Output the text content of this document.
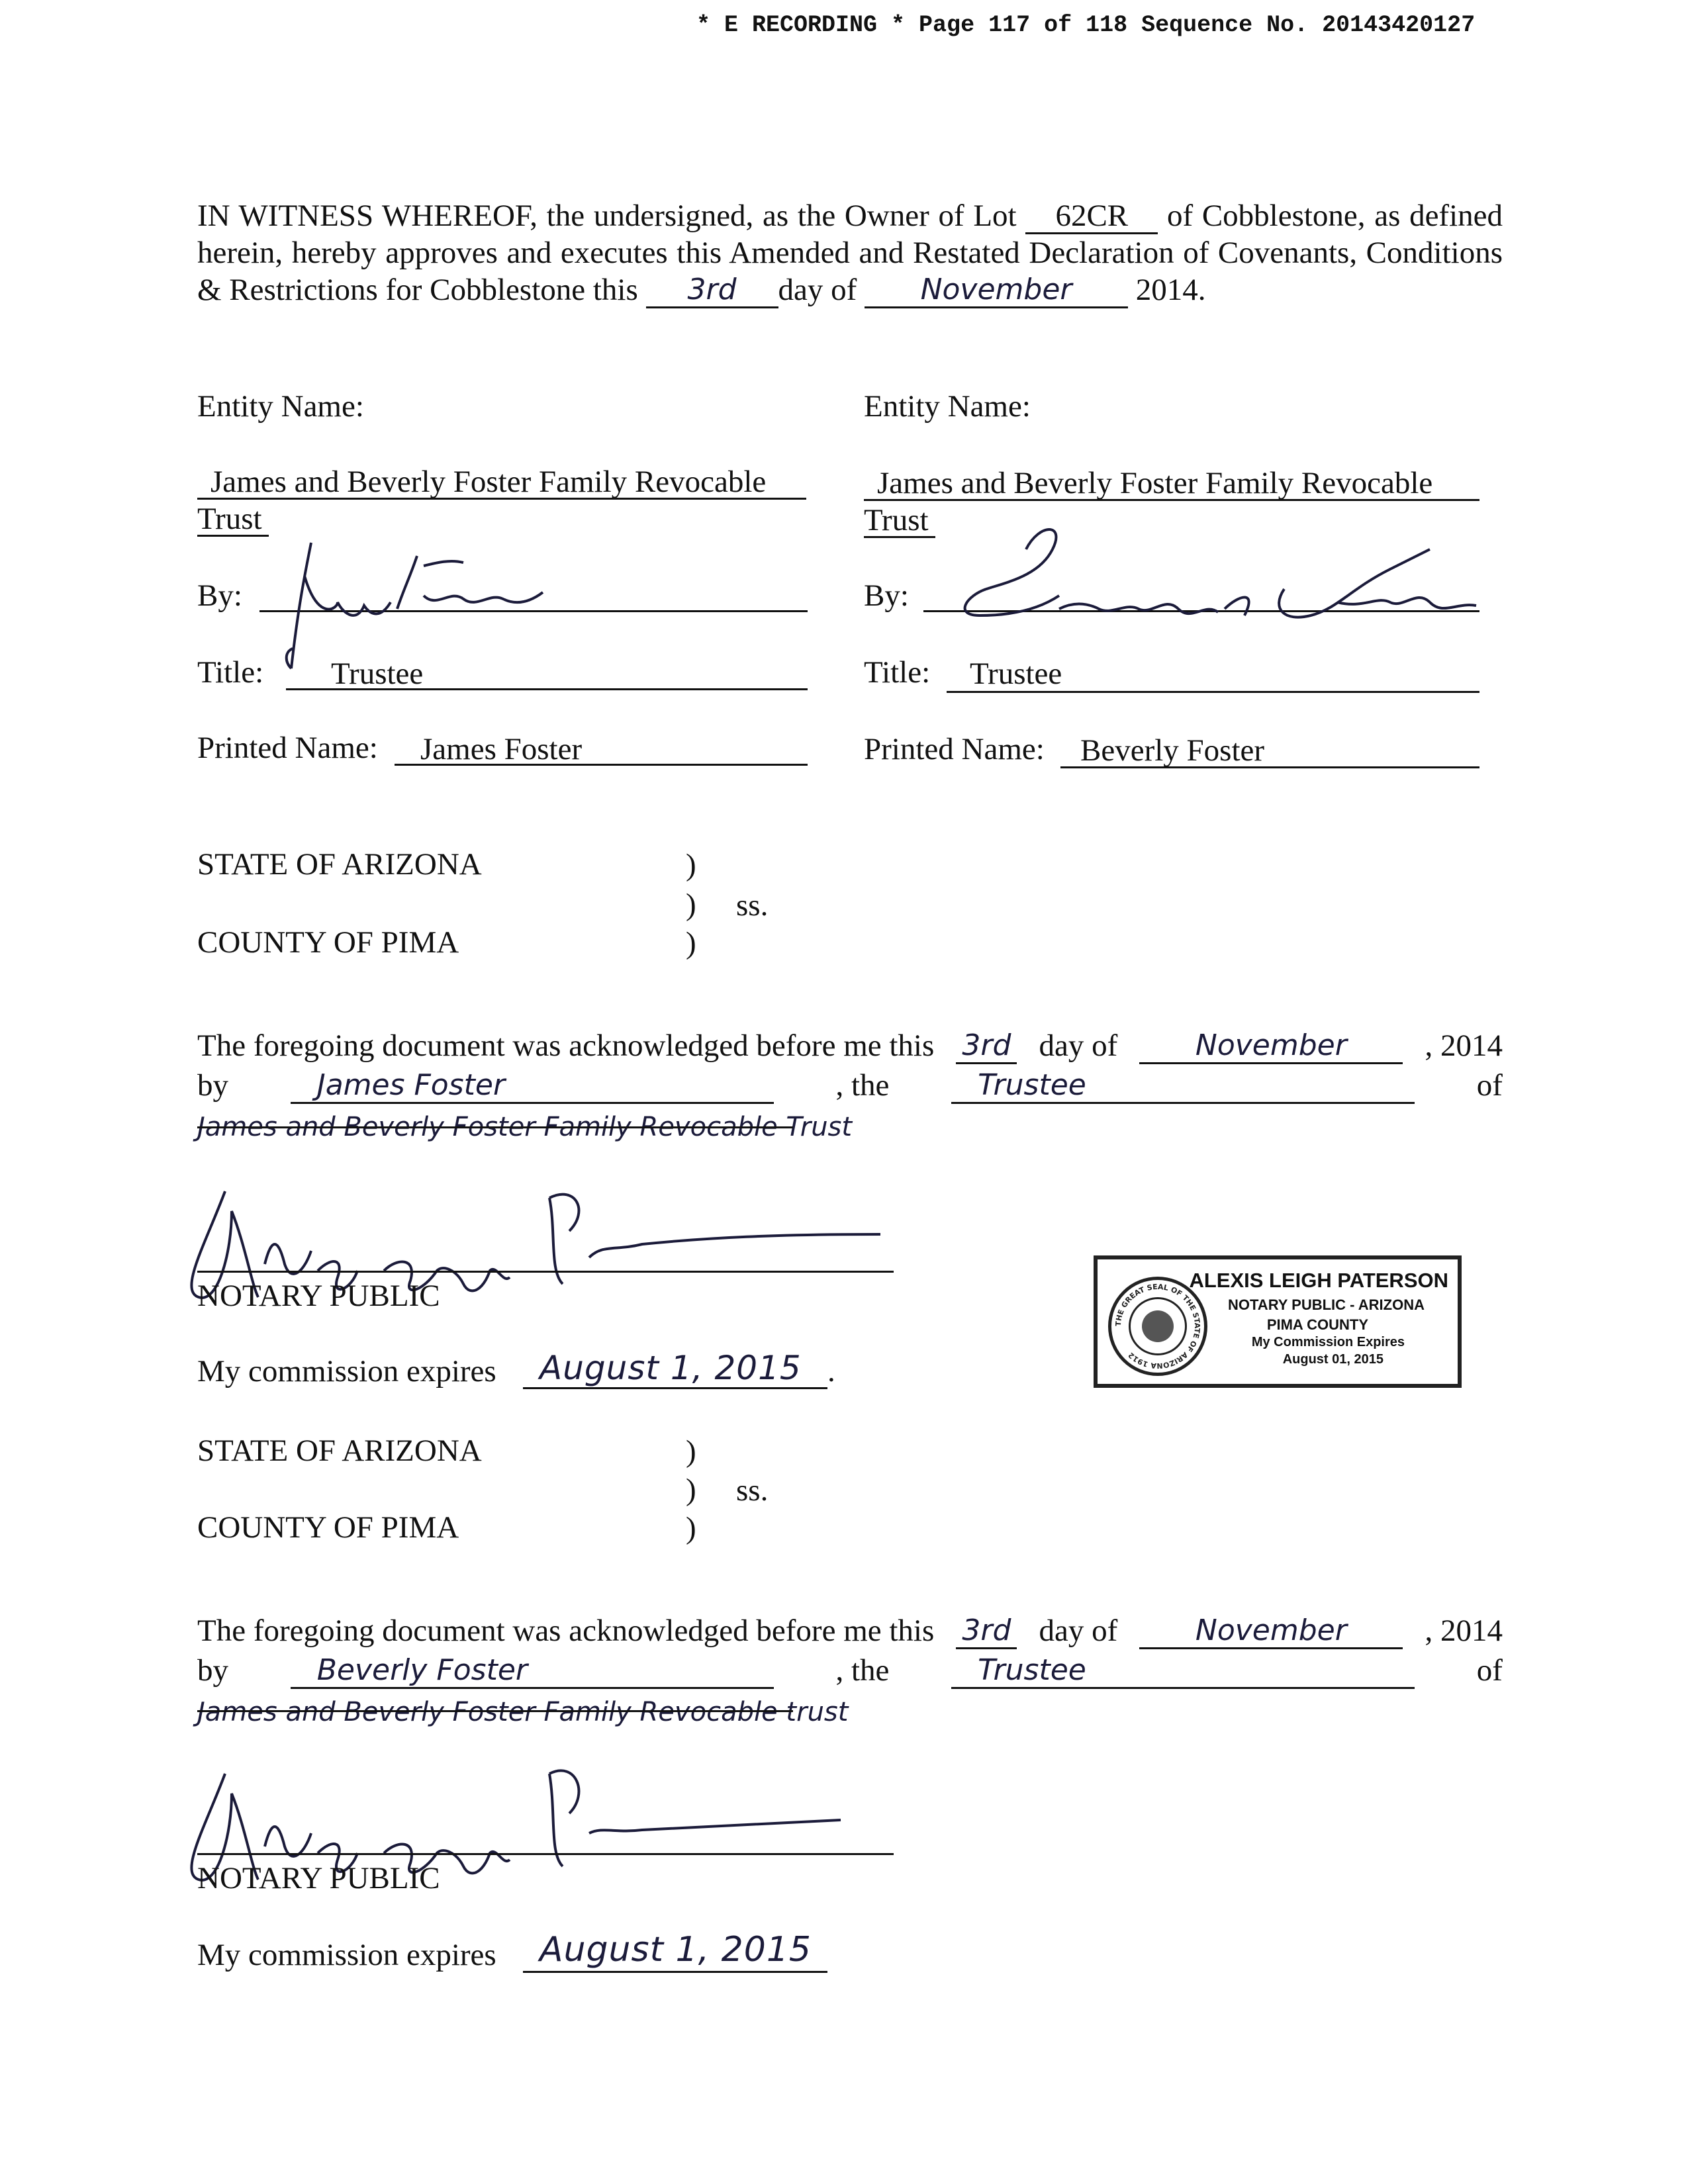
* E RECORDING * Page 117 of 118 Sequence No. 20143420127
IN WITNESS WHEREOF, the undersigned, as the Owner of Lot 62CR of Cobblestone, as defined herein, hereby approves and executes this Amended and Restated Declaration of Covenants, Conditions & Restrictions for Cobblestone this 3rd day of November 2014.
Entity Name:
James and Beverly Foster Family Revocable Trust
By:
Title: Trustee
Printed Name: James Foster
Entity Name:
James and Beverly Foster Family Revocable Trust
By:
Title: Trustee
Printed Name: Beverly Foster
STATE OF ARIZONA	)
) ss.
COUNTY OF PIMA	)
The foregoing document was acknowledged before me this 3rd day of	November	, 2014
by	James Foster	, the	Trustee	of
James and Beverly Foster Family Revocable Trust
NOTARY PUBLIC	ALEXIS LEIGH PATERSON
NOTARY PUBLIC - ARIZONA
PIMA COUNTY
My Commission Expires
August 01, 2015
THE GREAT SEAL OF THE STATE OF ARIZONA 1912
My commission expires August 1, 2015 .
STATE OF ARIZONA	)
) ss.
COUNTY OF PIMA	)
The foregoing document was acknowledged before me this 3rd day of	November	, 2014
by	Beverly Foster	, the	Trustee	of
James and Beverly Foster Family Revocable trust
NOTARY PUBLIC
My commission expires August 1, 2015
